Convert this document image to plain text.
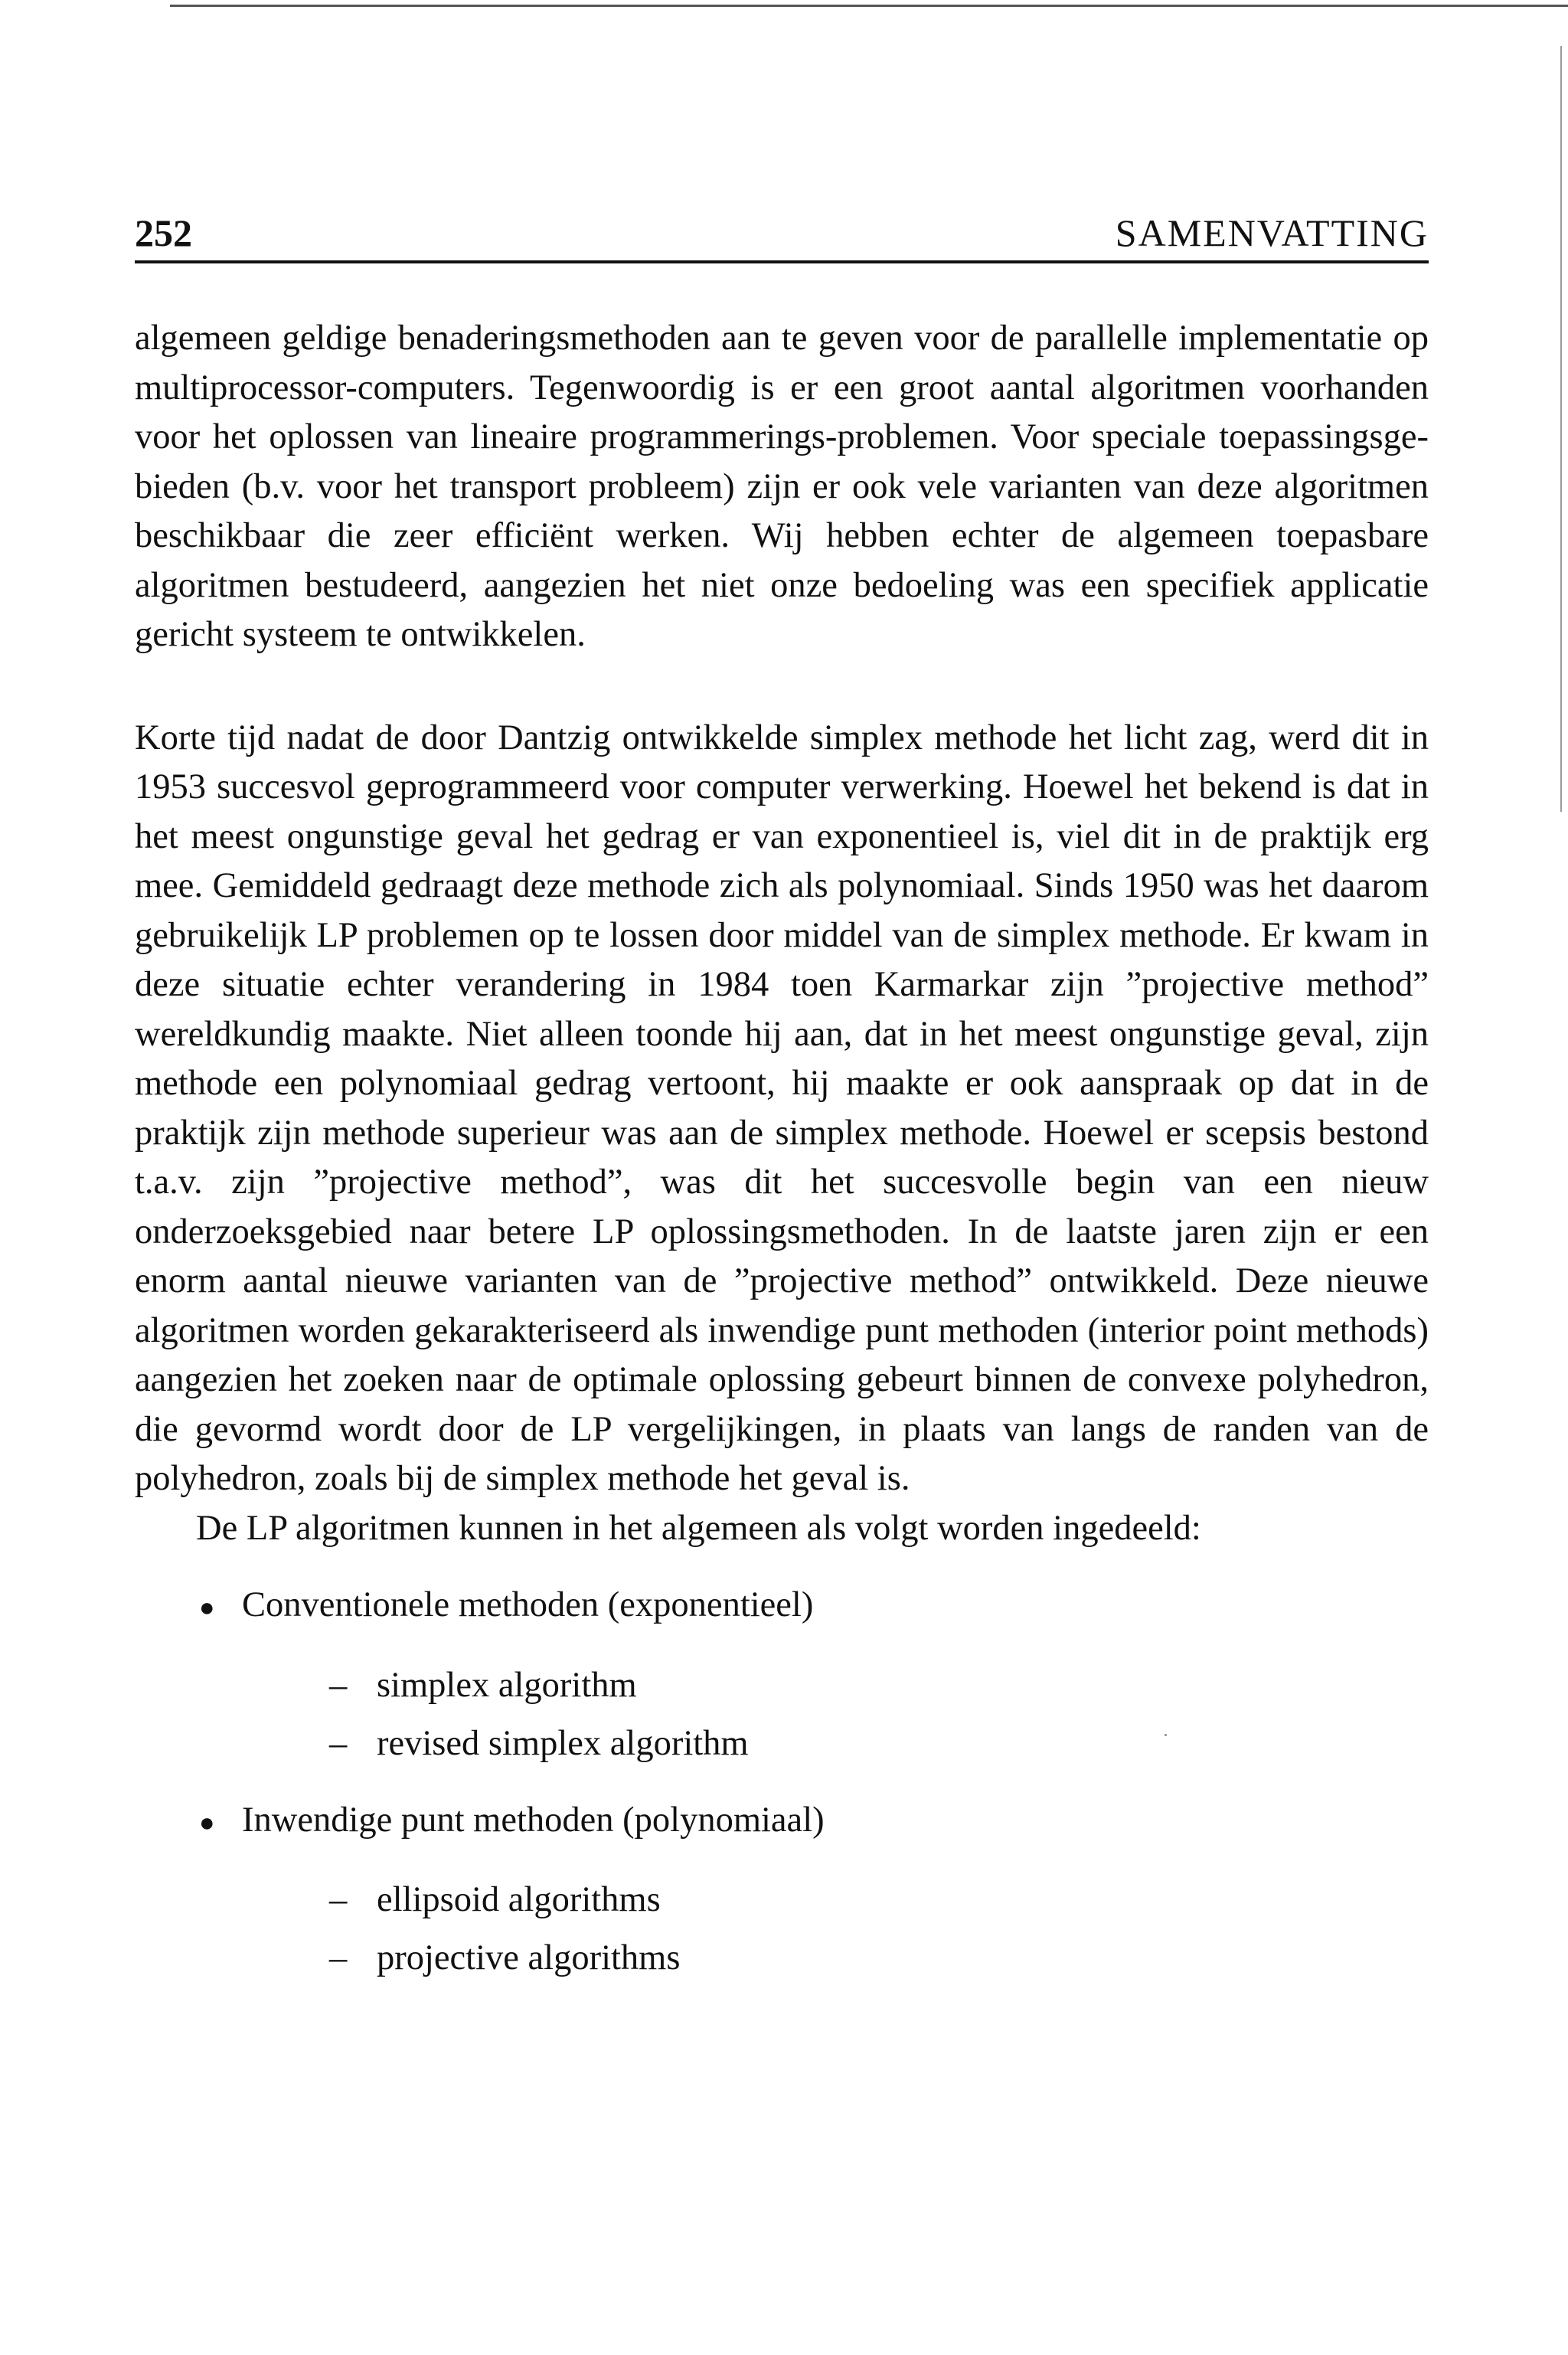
252	SAMENVATTING

algemeen geldige benaderingsmethoden aan te geven voor de parallelle implementatie op multiprocessor-computers. Tegenwoordig is er een groot aantal algoritmen voorhanden voor het oplossen van lineaire programmerings-problemen. Voor speciale toepassingsgebieden (b.v. voor het transport probleem) zijn er ook vele varianten van deze algoritmen beschikbaar die zeer efficiënt werken. Wij hebben echter de algemeen toepasbare algoritmen bestudeerd, aangezien het niet onze bedoeling was een specifiek applicatie gericht systeem te ontwikkelen.

Korte tijd nadat de door Dantzig ontwikkelde simplex methode het licht zag, werd dit in 1953 succesvol geprogrammeerd voor computer verwerking. Hoewel het bekend is dat in het meest ongunstige geval het gedrag er van exponentieel is, viel dit in de praktijk erg mee. Gemiddeld gedraagt deze methode zich als polynomiaal. Sinds 1950 was het daarom gebruikelijk LP problemen op te lossen door middel van de simplex methode. Er kwam in deze situatie echter verandering in 1984 toen Karmarkar zijn ”projective method” wereldkundig maakte. Niet alleen toonde hij aan, dat in het meest ongunstige geval, zijn methode een polynomiaal gedrag vertoont, hij maakte er ook aanspraak op dat in de praktijk zijn methode superieur was aan de simplex methode. Hoewel er scepsis bestond t.a.v. zijn ”projective method”, was dit het succesvolle begin van een nieuw onderzoeksgebied naar betere LP oplossingsmethoden. In de laatste jaren zijn er een enorm aantal nieuwe varianten van de ”projective method” ontwikkeld. Deze nieuwe algoritmen worden gekarakteriseerd als inwendige punt methoden (interior point methods) aangezien het zoeken naar de optimale oplossing gebeurt binnen de convexe polyhedron, die gevormd wordt door de LP vergelijkingen, in plaats van langs de randen van de polyhedron, zoals bij de simplex methode het geval is.

De LP algoritmen kunnen in het algemeen als volgt worden ingedeeld:

● Conventionele methoden (exponentieel)
– simplex algorithm
– revised simplex algorithm
● Inwendige punt methoden (polynomiaal)
– ellipsoid algorithms
– projective algorithms
